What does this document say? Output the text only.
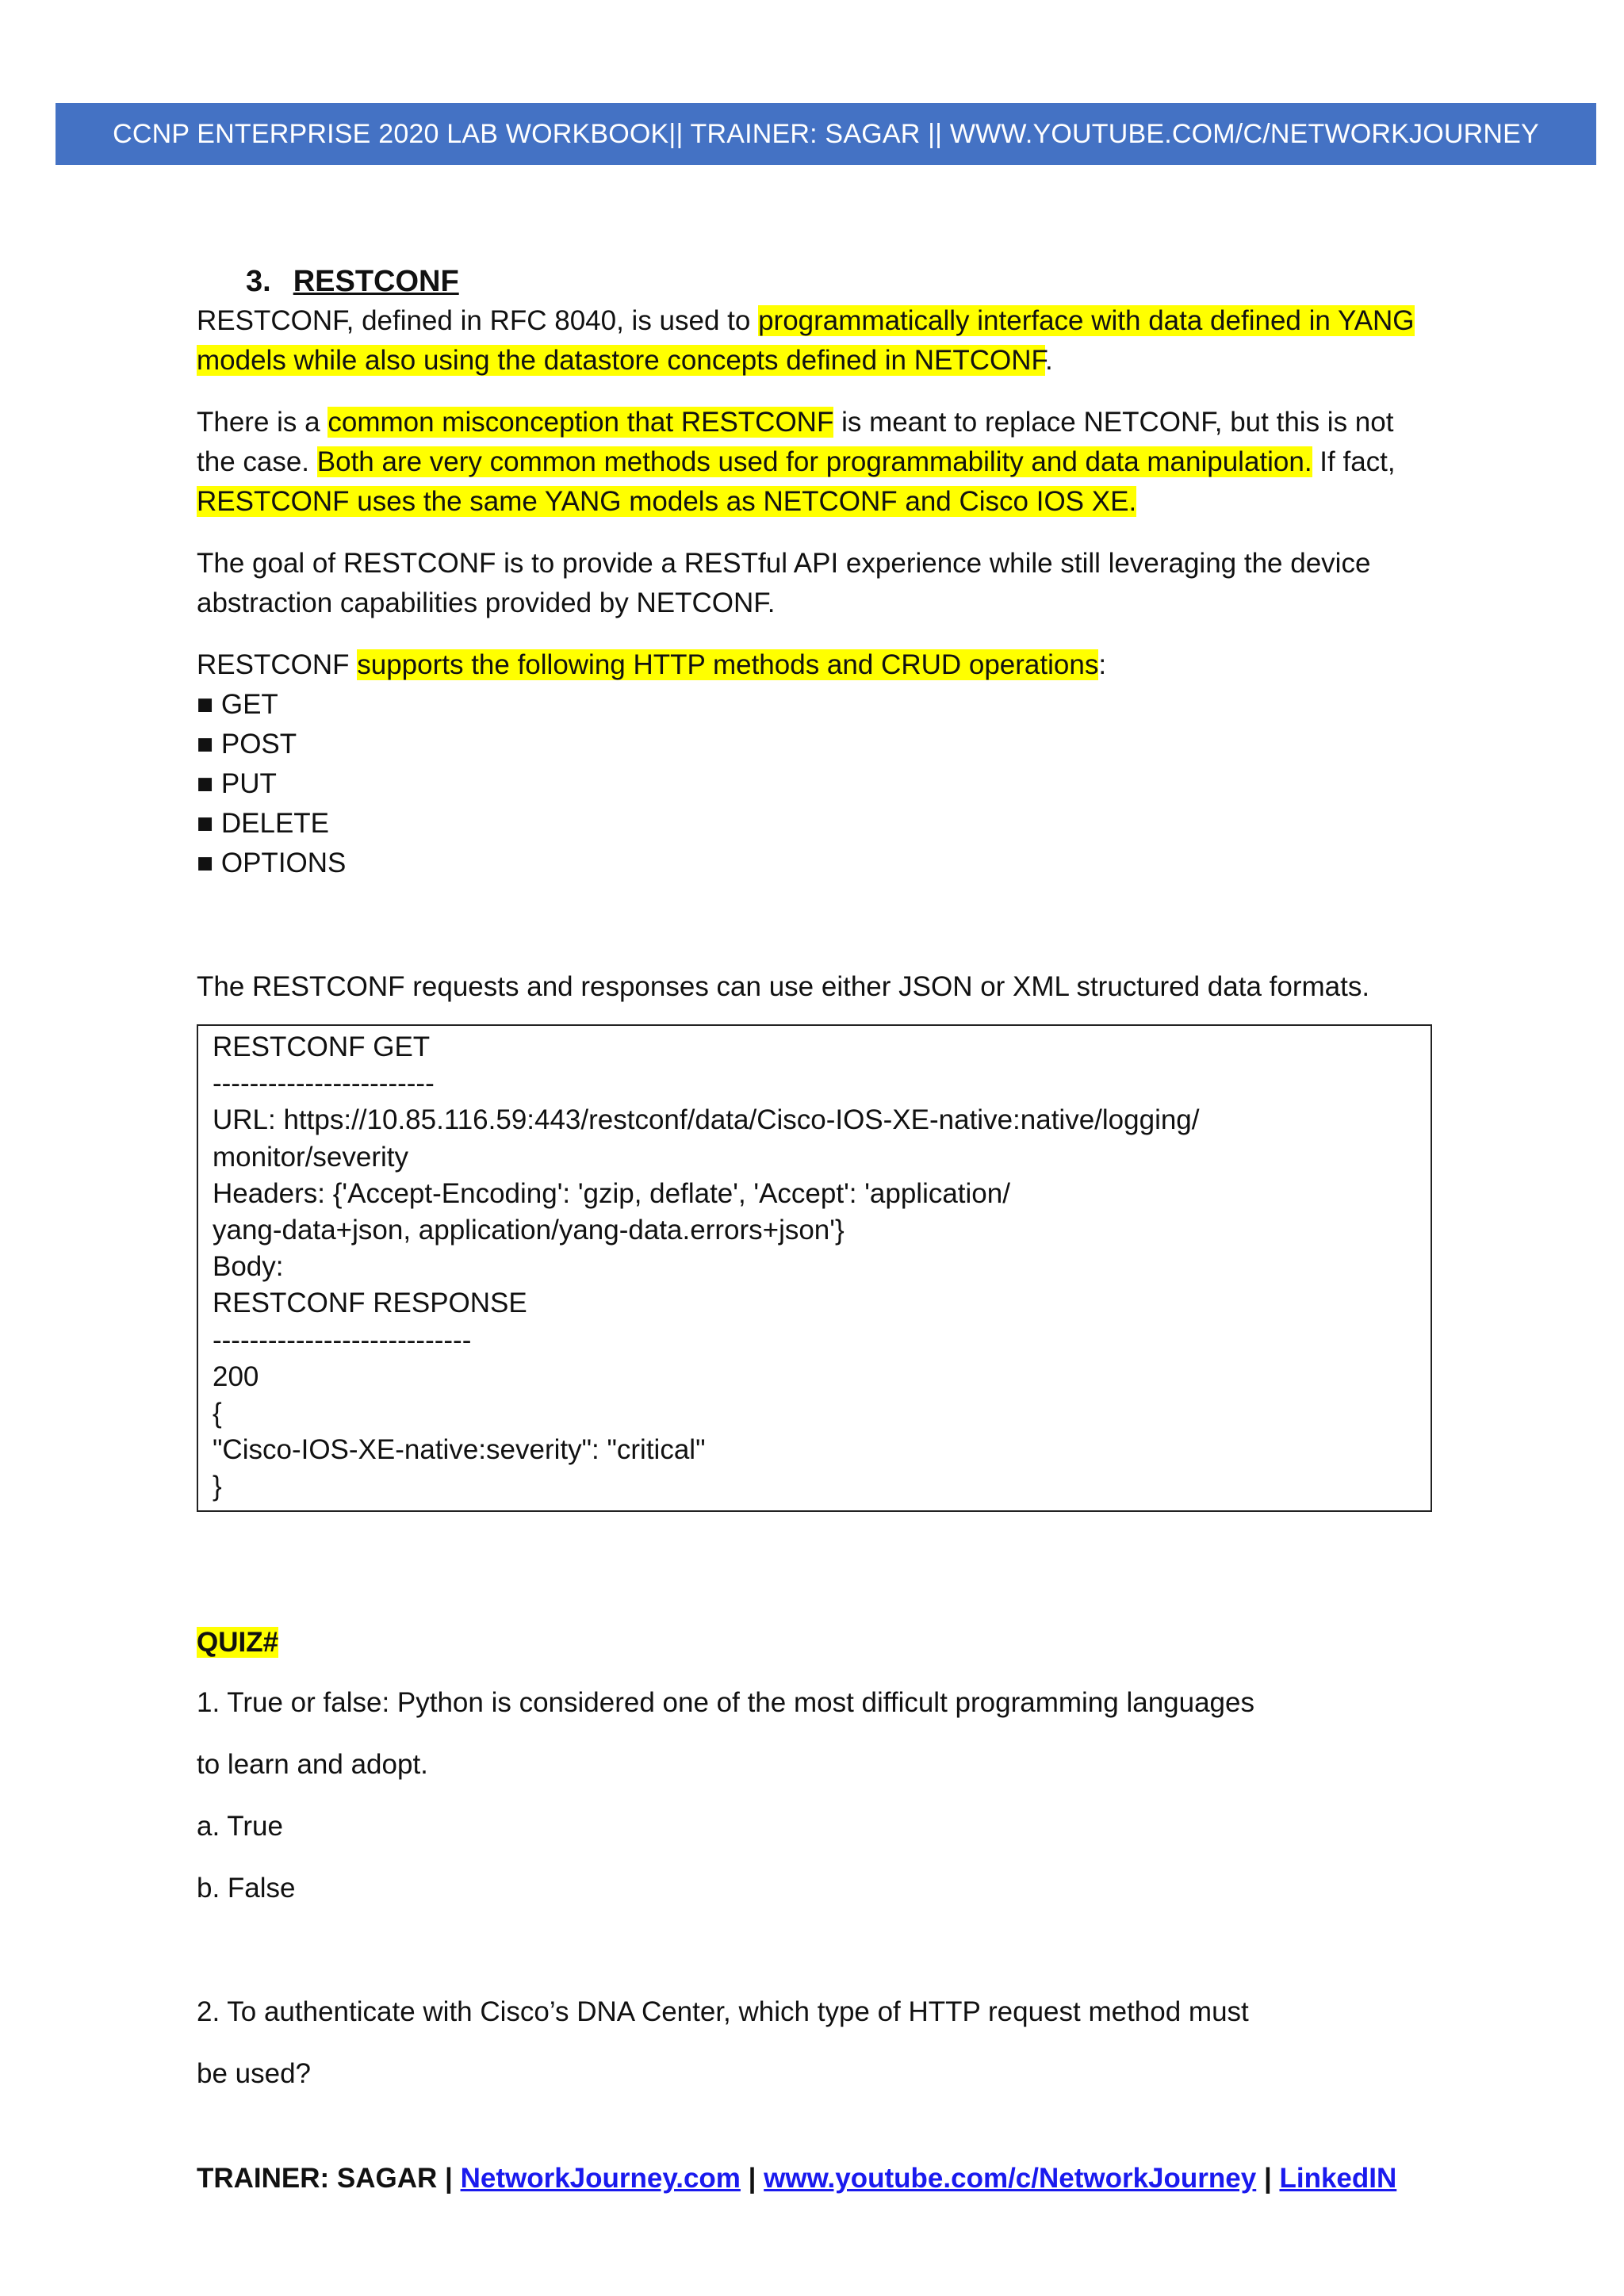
CCNP ENTERPRISE 2020 LAB WORKBOOK|| TRAINER: SAGAR || WWW.YOUTUBE.COM/C/NETWORKJOURNEY
3. RESTCONF

RESTCONF, defined in RFC 8040, is used to programmatically interface with data defined in YANG models while also using the datastore concepts defined in NETCONF.

There is a common misconception that RESTCONF is meant to replace NETCONF, but this is not the case. Both are very common methods used for programmability and data manipulation. If fact, RESTCONF uses the same YANG models as NETCONF and Cisco IOS XE.

The goal of RESTCONF is to provide a RESTful API experience while still leveraging the device abstraction capabilities provided by NETCONF.

RESTCONF supports the following HTTP methods and CRUD operations:

■ GET
■ POST
■ PUT
■ DELETE
■ OPTIONS

The RESTCONF requests and responses can use either JSON or XML structured data formats.

RESTCONF GET
------------------------
URL: https://10.85.116.59:443/restconf/data/Cisco-IOS-XE-native:native/logging/
monitor/severity
Headers: {'Accept-Encoding': 'gzip, deflate', 'Accept': 'application/
yang-data+json, application/yang-data.errors+json'}
Body:
RESTCONF RESPONSE
----------------------------
200
{
"Cisco-IOS-XE-native:severity": "critical"
}

QUIZ#

1. True or false: Python is considered one of the most difficult programming languages

to learn and adopt.

a. True

b. False

2. To authenticate with Cisco’s DNA Center, which type of HTTP request method must

be used?

TRAINER: SAGAR | NetworkJourney.com | www.youtube.com/c/NetworkJourney | LinkedIN
